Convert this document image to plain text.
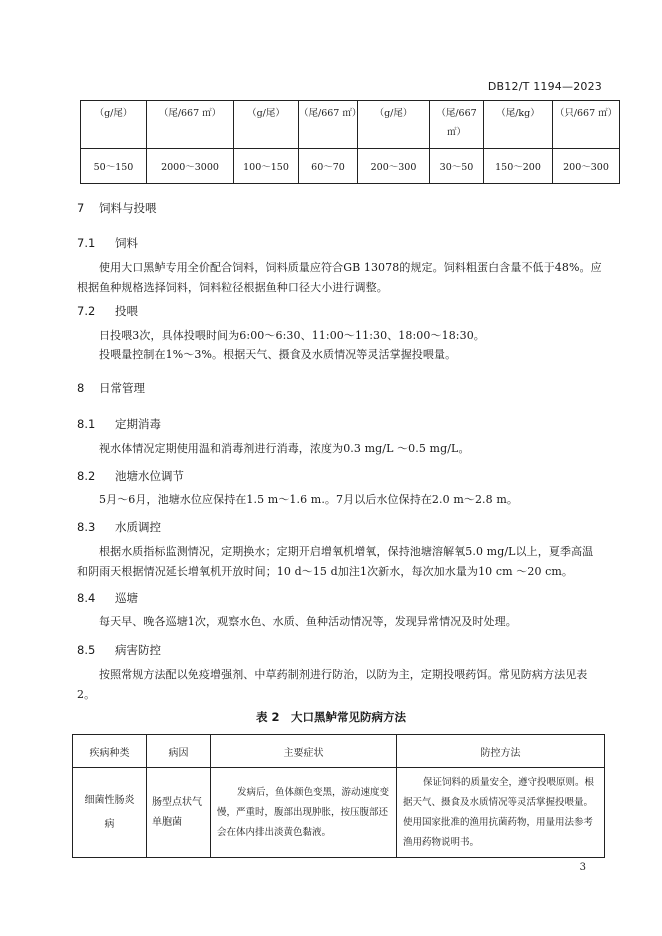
DB12/T 1194—2023
（g/尾）	（尾/667 ㎡）	（g/尾）	（尾/667 ㎡）	（g/尾）	（尾/667 ㎡）	（尾/kg）	（只/667 ㎡）
50～150	2000～3000	100～150	60～70	200～300	30～50	150～200	200～300
7 饲料与投喂
7.1 饲料
使用大口黑鲈专用全价配合饲料，饲料质量应符合GB 13078的规定。饲料粗蛋白含量不低于48%。应根据鱼种规格选择饲料，饲料粒径根据鱼种口径大小进行调整。
7.2 投喂
日投喂3次，具体投喂时间为6:00～6:30、11:00～11:30、18:00～18:30。
投喂量控制在1%～3%。根据天气、摄食及水质情况等灵活掌握投喂量。
8 日常管理
8.1 定期消毒
视水体情况定期使用温和消毒剂进行消毒，浓度为0.3 mg/L ～0.5 mg/L。
8.2 池塘水位调节
5月～6月，池塘水位应保持在1.5 m～1.6 m.。7月以后水位保持在2.0 m～2.8 m。
8.3 水质调控
根据水质指标监测情况，定期换水；定期开启增氧机增氧，保持池塘溶解氧5.0 mg/L以上，夏季高温和阴雨天根据情况延长增氧机开放时间；10 d～15 d加注1次新水，每次加水量为10 cm ～20 cm。
8.4 巡塘
每天早、晚各巡塘1次，观察水色、水质、鱼种活动情况等，发现异常情况及时处理。
8.5 病害防控
按照常规方法配以免疫增强剂、中草药制剂进行防治，以防为主，定期投喂药饵。常见防病方法见表2。
表 2　大口黑鲈常见防病方法
疾病种类	病因	主要症状	防控方法
细菌性肠炎病	肠型点状气单胞菌	发病后，鱼体颜色变黑，游动速度变慢，严重时，腹部出现肿胀，按压腹部还会在体内排出淡黄色黏液。	保证饲料的质量安全，遵守投喂原则。根据天气、摄食及水质情况等灵活掌握投喂量。使用国家批准的渔用抗菌药物，用量用法参考渔用药物说明书。
3
